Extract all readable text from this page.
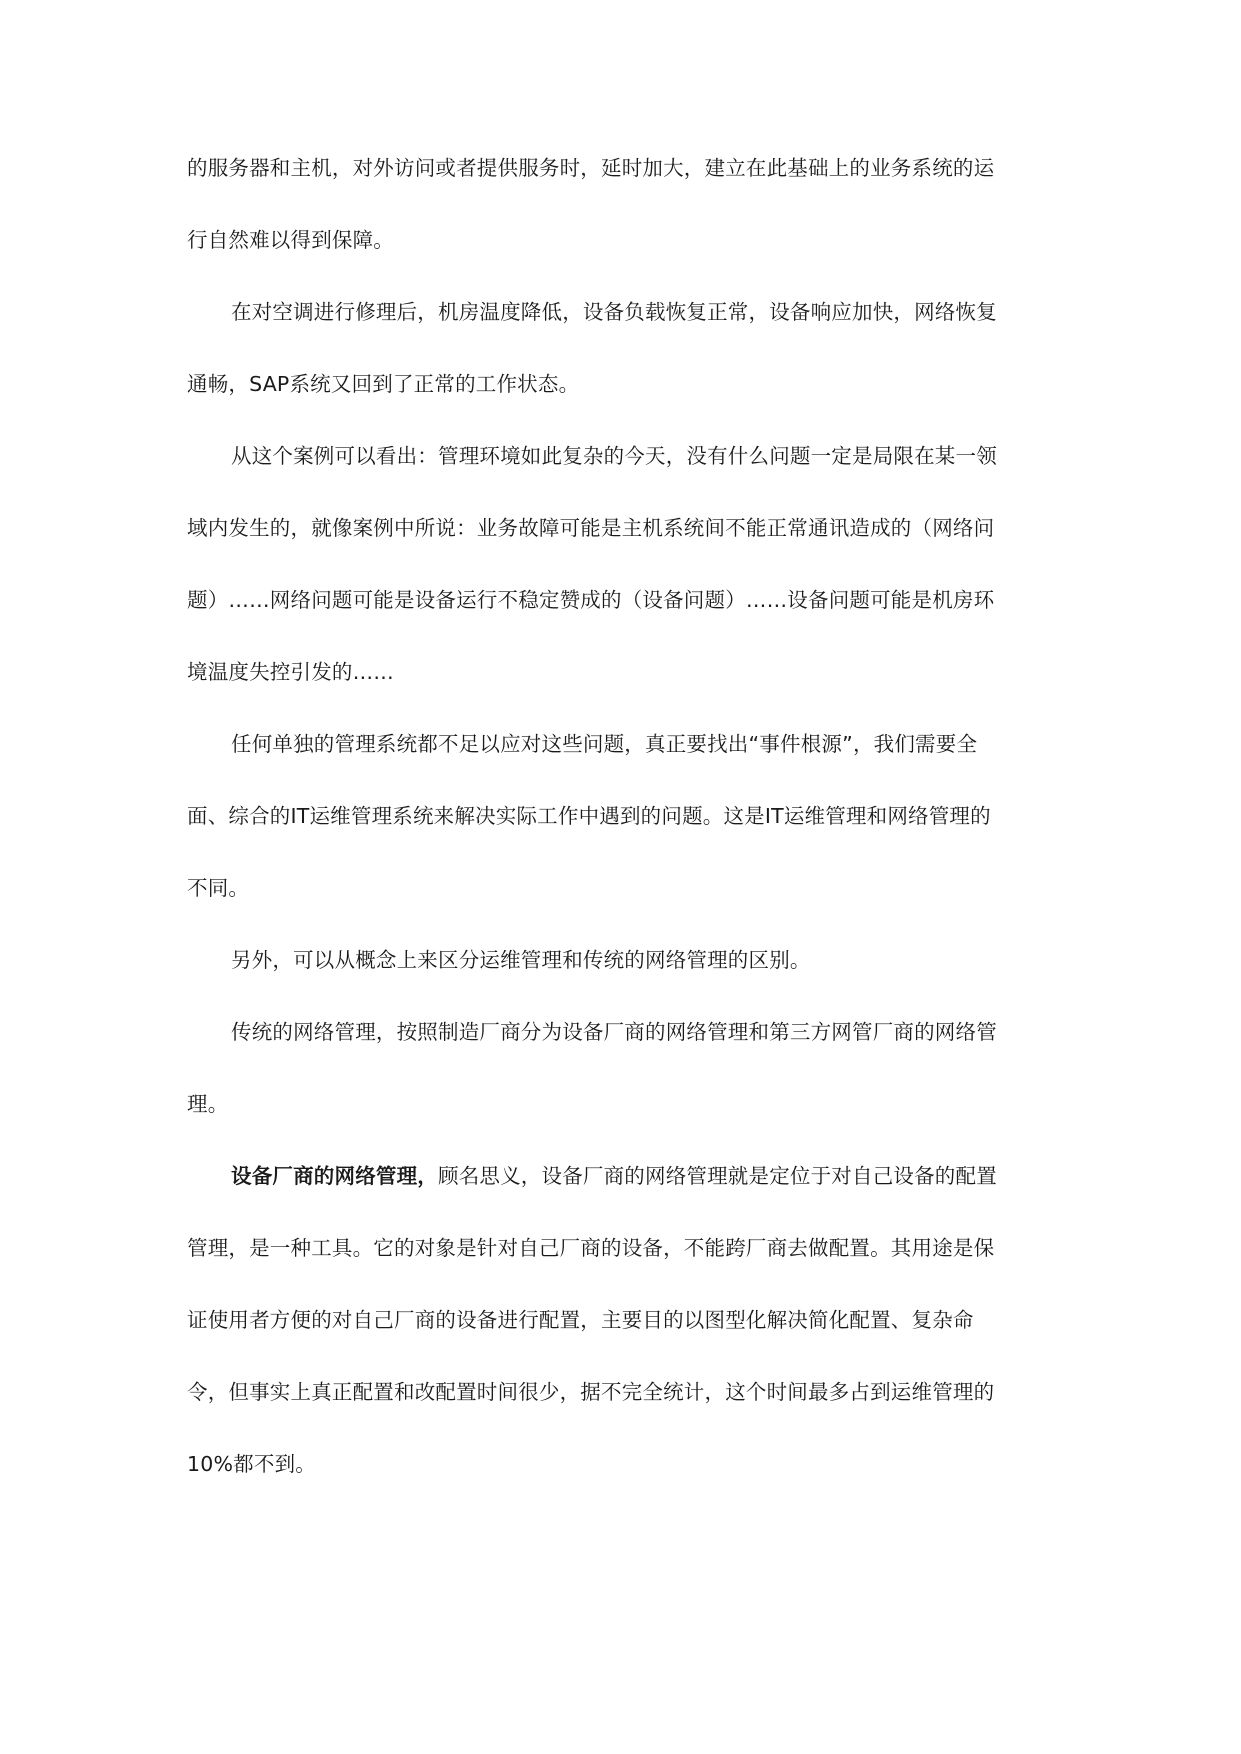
的服务器和主机，对外访问或者提供服务时，延时加大，建立在此基础上的业务系统的运
行自然难以得到保障。
在对空调进行修理后，机房温度降低，设备负载恢复正常，设备响应加快，网络恢复
通畅，SAP系统又回到了正常的工作状态。
从这个案例可以看出：管理环境如此复杂的今天，没有什么问题一定是局限在某一领
域内发生的，就像案例中所说：业务故障可能是主机系统间不能正常通讯造成的（网络问
题）……网络问题可能是设备运行不稳定赞成的（设备问题）……设备问题可能是机房环
境温度失控引发的……
任何单独的管理系统都不足以应对这些问题，真正要找出“事件根源”，我们需要全
面、综合的IT运维管理系统来解决实际工作中遇到的问题。这是IT运维管理和网络管理的
不同。
另外，可以从概念上来区分运维管理和传统的网络管理的区别。
传统的网络管理，按照制造厂商分为设备厂商的网络管理和第三方网管厂商的网络管
理。
设备厂商的网络管理，顾名思义，设备厂商的网络管理就是定位于对自己设备的配置
管理，是一种工具。它的对象是针对自己厂商的设备，不能跨厂商去做配置。其用途是保
证使用者方便的对自己厂商的设备进行配置，主要目的以图型化解决简化配置、复杂命
令，但事实上真正配置和改配置时间很少，据不完全统计，这个时间最多占到运维管理的
10%都不到。
